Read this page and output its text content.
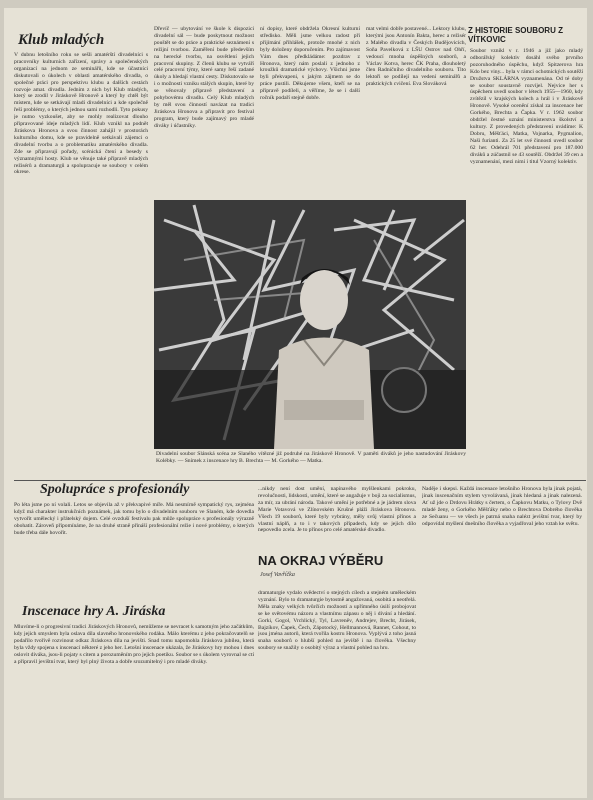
Klub mladých
V dubnu letošního roku se sešli amatérští divadelníci s pracovníky kulturních zařízení, správy a společenských organizací na jednom ze seminářů, kde se účastníci diskutovali o úkolech v oblasti amatérského divadla, o společné práci pro perspektivu klubu a dalších cestách rozvoje amat. divadla. Jedním z nich byl Klub mladých, který se zrodil v Jiráskově Hronově a který by chtěl být místem, kde se setkávají mladí divadelníci a kde společně řeší problémy, o kterých jednou sami rozhodli. Tyto pokusy je nutno vyzkoušet, aby se mohly realizovat dlouho připravované ideje mladých lidí. Klub vznikl na podnět Jiráskova Hronova a svou činnost zahájil v prostorách kulturního domu, kde se pravidelně setkávali zájemci o divadelní tvorbu a o problematiku amatérského divadla. Zde se připravují pořady, scénická čtení a besedy s významnými hosty. Klub se věnuje také přípravě mladých režisérů a dramaturgů a spolupracuje se soubory v celém okrese.
Dřevíč — ubytování ve škole k dispozici divadelní sál — bude poskytnout možnost pouštět se do práce a praktické seznámení s režijní tvorbou. Zaměření bude především na herecké tvorbu, na osvětlení jejich pracovní skupiny. Z členů klubu se vytváří celé pracovní týmy, které samy řeší zadané úkoly a hledají vlastní cesty. Diskutovalo se i o možnosti vzniku stálých skupin, které by se věnovaly přípravě představení a pohybovému divadlu. Celý Klub mladých by měl svou činností navázat na tradici Jiráskova Hronova a připravit pro festival program, který bude zajímavý pro mladé diváky i účastníky.
ní dopisy, které obdržela Okresní kulturní středisko. Měli jsme velkou radost při přijímání přihlášek, protože mnohé z nich byly doloženy doporučením. Pro zajímavost Vám dnes předkládáme: pozdrav z Hronova, který nám poslali z jednoho z kroužků dramatické výchovy. Všichni jsme byli překvapeni, s jakým zájmem se do práce pustili. Děkujeme všem, kteří se na přípravě podíleli, a věříme, že se i další ročník podaří stejně dobře.
mat velmi dobře postavené... Lektory klubu, kterými jsou Antonín Bakta, herec a režisér z Malého divadla v Českých Budějovicích, Soňa Pavelková z LŠU Ostrov nad Ohří, vedoucí mnoha úspěšných souborů, a Václav Kotva, herec ČK Praha, dlouholetý člen Radničního divadelního souboru. Tito lektoři se podílejí na vedení seminářů a praktických cvičení. Eva Slováková
Divadelní soubor Slánská scéna ze Slaného vítězné již podruhé na Jiráskově Hronově. V paměti diváků je jeho nastudování Jiráskovy Kolébky. — Snímek z inscenace hry B. Brechta — M. Gorkého — Matka.
Z HISTORIE SOUBORU Z VÍTKOVIC
Soubor vznikl v r. 1946 a již jako mladý odborářský kolektiv dosáhl svého prvního pozoruhodného úspěchu, když Spitzerova hra Kdo bez viny... byla v rámci ochotnických soutěží Družstva SKLÁRNA vyznamenána. Od té doby se soubor soustavně rozvíjel. Nejvíce her s úspěchem uvedl soubor v létech 1955—1960, kdy zvítězil v krajských kolech a hrál i v Jiráskově Hronově. Vysoké ocenění získal za inscenace her Gorkého, Brechta a Čapka. V r. 1962 soubor obdržel čestné uznání ministerstva školství a kultury. Z provedených představení uvádíme: K Dobru, Měšťáci, Matka, Vojnarka, Pygmalion, Naši furianti. Za 25 let své činnosti uvedl soubor 62 her. Odehrál 701 představení pro 187.000 diváků a zúčastnil se 43 soutěží. Obdržel 39 cen a vyznamenání, mezi nimi i titul Vzorný kolektiv.
Spolupráce s profesionály
Po léta jsme po ní volali. Letos se objevila až v překvapivé míře. Má nesmírně sympatický rys, zejména když má charakter instrukčních poznámek, jak tomu bylo o divadelním souboru ve Slaném, kde dovedla vytvořit umělecký i přátelský dojem. Celé ovzduší festivalu pak může spolupráce s profesionály výrazně obohatit. Zároveň připomínáme, že na druhé straně přináší profesionální režie i nové problémy, o kterých bude třeba dále hovořit.
Inscenace hry A. Jiráska
Mluvíme-li o progresivní tradici Jiráskových Hronovů, nemůžeme se nevracet k samotným jeho začátkům, kdy jejich smyslem byla oslava díla slavného hronovského rodáka. Málo kterému z jeho pokračovatelů se podařilo tvořivě rozvinout odkaz Jiráskova díla na jevišti. Snad tomu napomohla Jiráskova jubilea, která byla vždy spojena s inscenací některé z jeho her. Letošní inscenace ukázala, že Jiráskovy hry mohou i dnes oslovit diváka, jsou-li pojaty s citem a porozuměním pro jejich poetiku. Soubor se s úkolem vyrovnal se ctí a připravil jevištní tvar, který byl plný života a dobře srozumitelný i pro mladé diváky.
NA OKRAJ VÝBĚRU
Josef Vavříčka
dramaturgie vydalo svědectví o stejných cílech a stejném uměleckém vyznání. Bylo to dramaturgie bytostně angažovaná, osobitá a neotřelá. Měla znaky velkých tvůrčích možností a upřímného úsilí probojovat se ke světovému názoru a vlastnímu zápasu o něj i dívání a hledání. Gorki, Gogol, Vrchlický, Tyl, Lavreněv, Andrejev, Brecht, Jirásek, Bajzíkov, Čapek, Čech, Zápotocký, Hellmannová, Rannet, Cohout, to jsou jména autorů, která tvořila kostru Hronova. Vyplývá z toho jasná snaha souborů o hlubší pohled na jeviště i na člověka. Všechny soubory se snažily o osobitý výraz a vlastní pohled na hru.
...nikdy není dost umění, napínavého mylšlenkami pokroku, revolučnosti, lidskosti, umění, které se angažuje v boji za socialismus, za mír, za ubrání národa. Takové umění je potřebné a je jádrem slova Marie Votavová ve Zlínovském Krušné pláži Jiráskova Hronova. Všech 19 souborů, které byly vybrány, měly svůj vlastní přínos a vlastní náplň, a to i v takových případech, kdy se jejich dílo nepovedlo zcela. Je to přínos pro celé amatérské divadlo.
Naděje i skepsi. Každá inscenace letošního Hronova byla jinak pojatá, jinak inscenačním stylem vyvolávaná, jinak hledaná a jinak nalezená. Ať už jde o Drdovu Hrátky s čertem, o Čapkovu Matku, o Tylovy Dvě mladé ženy, o Gorkého Měšťáky nebo o Brechtova Dobrého člověka ze Sečuanu — ve všech je patrná snaha nalézt jevištní tvar, který by odpovídal myšlení dnešního člověka a vyjadřoval jeho vztah ke světu.
